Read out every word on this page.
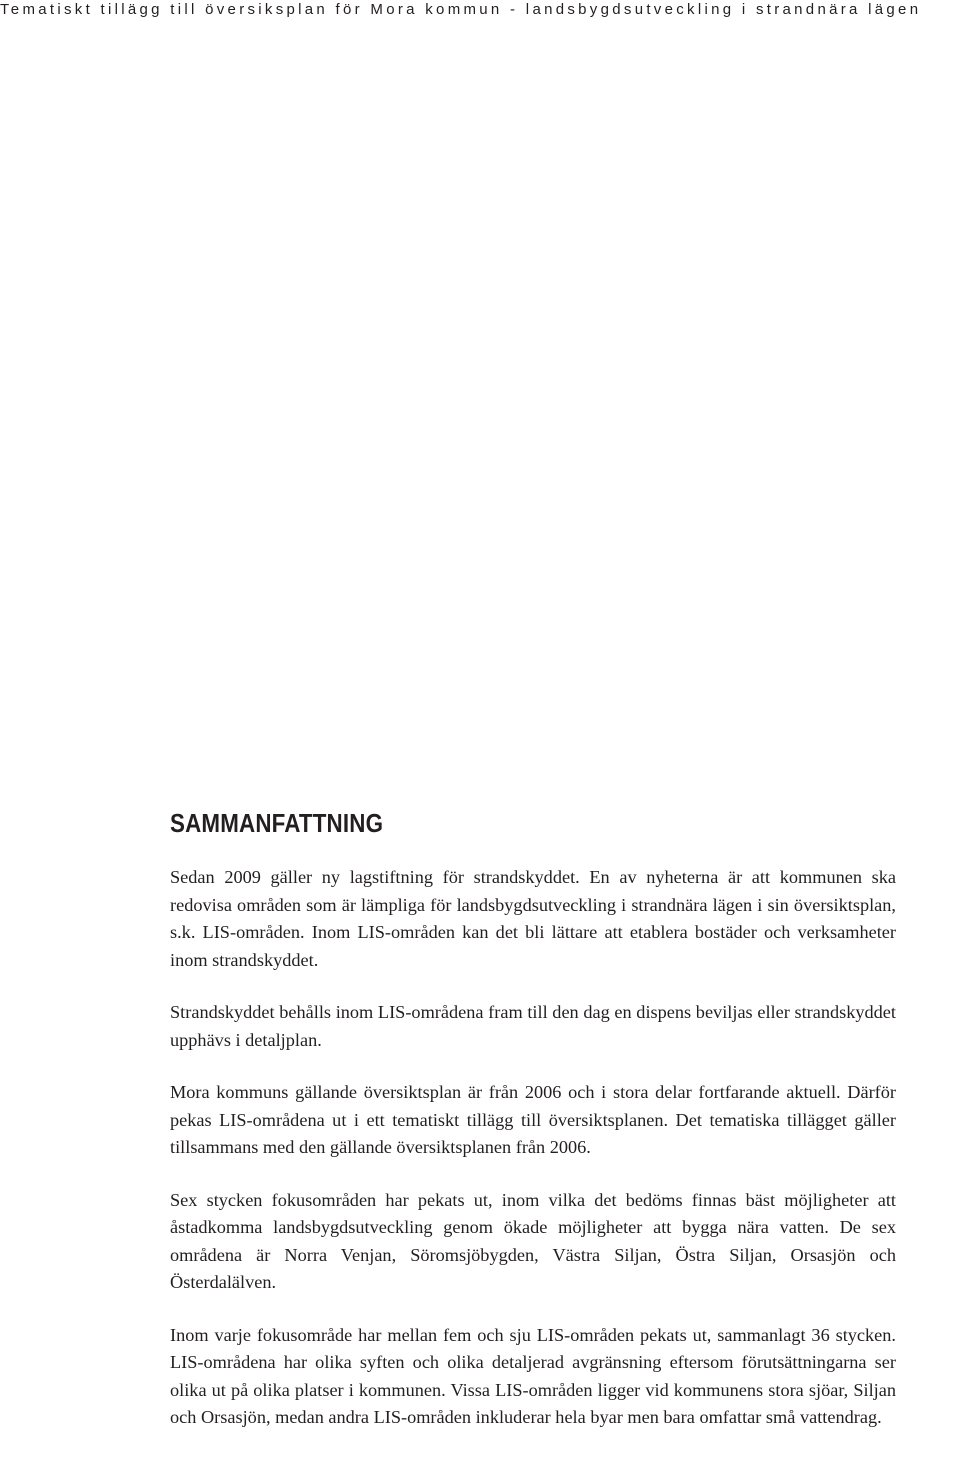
Tematiskt tillägg till översiksplan för Mora kommun - landsbygdsutveckling i strandnära lägen
SAMMANFATTNING

Sedan 2009 gäller ny lagstiftning för strandskyddet. En av nyheterna är att kommunen ska redovisa områden som är lämpliga för landsbygdsutveckling i strandnära lägen i sin översiktsplan, s.k. LIS-områden. Inom LIS-områden kan det bli lättare att etablera bostäder och verksamheter inom strandskyddet.

Strandskyddet behålls inom LIS-områdena fram till den dag en dispens beviljas eller strandskyddet upphävs i detaljplan.

Mora kommuns gällande översiktsplan är från 2006 och i stora delar fortfarande aktuell. Därför pekas LIS-områdena ut i ett tematiskt tillägg till översiktsplanen. Det tematiska tillägget gäller tillsammans med den gällande översiktsplanen från 2006.

Sex stycken fokusområden har pekats ut, inom vilka det bedöms finnas bäst möjligheter att åstadkomma landsbygdsutveckling genom ökade möjligheter att bygga nära vatten. De sex områdena är Norra Venjan, Söromsjöbygden, Västra Siljan, Östra Siljan, Orsasjön och Österdalälven.

Inom varje fokusområde har mellan fem och sju LIS-områden pekats ut, sammanlagt 36 stycken. LIS-områdena har olika syften och olika detaljerad avgränsning eftersom förutsättningarna ser olika ut på olika platser i kommunen. Vissa LIS-områden ligger vid kommunens stora sjöar, Siljan och Orsasjön, medan andra LIS-områden inkluderar hela byar men bara omfattar små vattendrag.
